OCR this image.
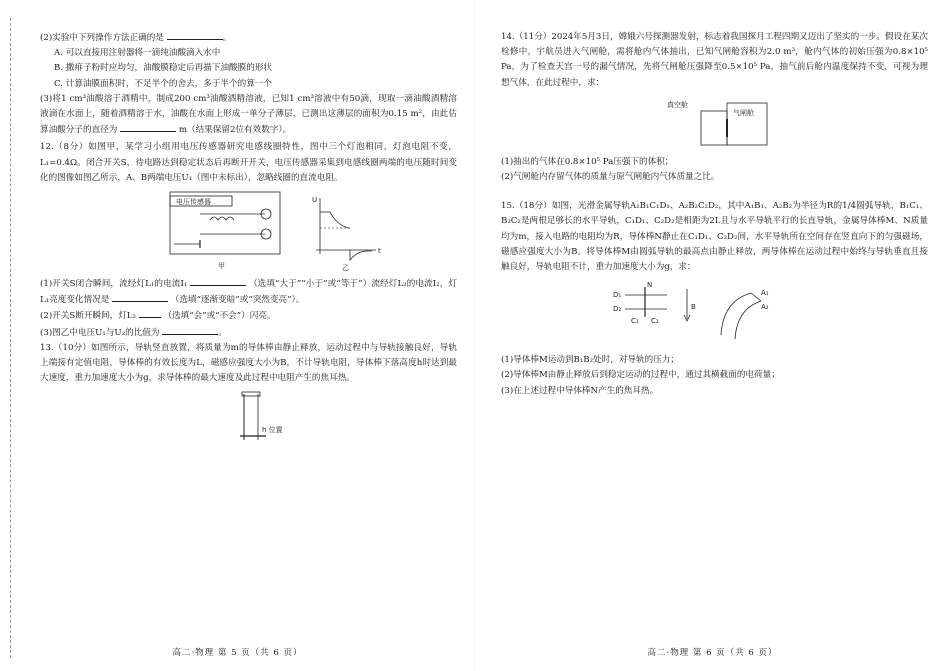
(2)实验中下列操作方法正确的是	。

A. 可以直接用注射器将一滴纯油酸滴入水中

B. 撒痱子粉时应均匀，油酸膜稳定后再描下油酸膜的形状

C. 计算油膜面积时，不足半个的舍去，多于半个的算一个

(3)将1 cm³油酸溶于酒精中，制成200 cm³油酸酒精溶液，已知1 cm³溶液中有50滴，现取一滴油酸酒精溶液滴在水面上，随着酒精溶于水，油酸在水面上形成一单分子薄层，已测出这薄层的面积为0.15 m²，由此估算油酸分子的直径为	m（结果保留2位有效数字）。

12.（8分）如图甲，某学习小组用电压传感器研究电感线圈特性，图中三个灯泡相同，灯泡电阻不变，L₁=0.4Ω。闭合开关S，待电路达到稳定状态后再断开开关，电压传感器采集到电感线圈两端的电压随时间变化的图像如图乙所示，A、B两端电压U₁（图中未标出），忽略线圈的直流电阻。

电压传感器
甲
t
U
乙

(1)开关S闭合瞬间，流经灯L₁的电流I₁	（选填“大于”“小于”或“等于”）流经灯L₂的电流I₂，灯L₁亮度变化情况是	（选填“逐渐变暗”或“突然变亮”）。

(2)开关S断开瞬间，灯L₂	（选填“会”或“不会”）闪亮。

(3)图乙中电压U₁与U₂的比值为	。

13.（10分）如图所示，导轨竖直放置，将质量为m的导体棒由静止释放，运动过程中与导轨接触良好，导轨上端接有定值电阻，导体棒的有效长度为L，磁感应强度大小为B，不计导轨电阻，导体棒下落高度h时达到最大速度，重力加速度大小为g，求导体棒的最大速度及此过程中电阻产生的焦耳热。

h 位置
高二·物理 第 5 页（共 6 页）

14.（11分）2024年5月3日，嫦娥六号探测器发射，标志着我国探月工程四期又迈出了坚实的一步。假设在某次检修中，宇航员进入气闸舱，需将舱内气体抽出，已知气闸舱容积为2.0 m³，舱内气体的初始压强为0.8×10⁵ Pa，为了检查天宫一号的漏气情况，先将气闸舱压强降至0.5×10⁵ Pa，抽气前后舱内温度保持不变，可视为理想气体，在此过程中，求：

真空舱
气闸舱

(1)抽出的气体在0.8×10⁵ Pa压强下的体积；

(2)气闸舱内存留气体的质量与原气闸舱内气体质量之比。

15.（18分）如图，光滑金属导轨A₁B₁C₁D₁、A₂B₂C₂D₂，其中A₁B₁、A₂B₂为半径为R的1/4圆弧导轨，B₁C₁、B₂C₂是两根足够长的水平导轨，C₁D₁、C₂D₂是相距为2L且与水平导轨平行的长直导轨，金属导体棒M、N质量均为m，接入电路的电阻均为R，导体棒N静止在C₁D₁、C₂D₂间，水平导轨所在空间存在竖直向下的匀强磁场，磁感应强度大小为B。将导体棒M由圆弧导轨的最高点由静止释放，两导体棒在运动过程中始终与导轨垂直且接触良好，导轨电阻不计，重力加速度大小为g，求：

D₁
D₂
N
C₁ C₂
B
A₁
A₂

(1)导体棒M运动到B₁B₂处时，对导轨的压力；

(2)导体棒M由静止释放后到稳定运动的过程中，通过其横截面的电荷量；

(3)在上述过程中导体棒N产生的焦耳热。

高二·物理 第 6 页（共 6 页）
